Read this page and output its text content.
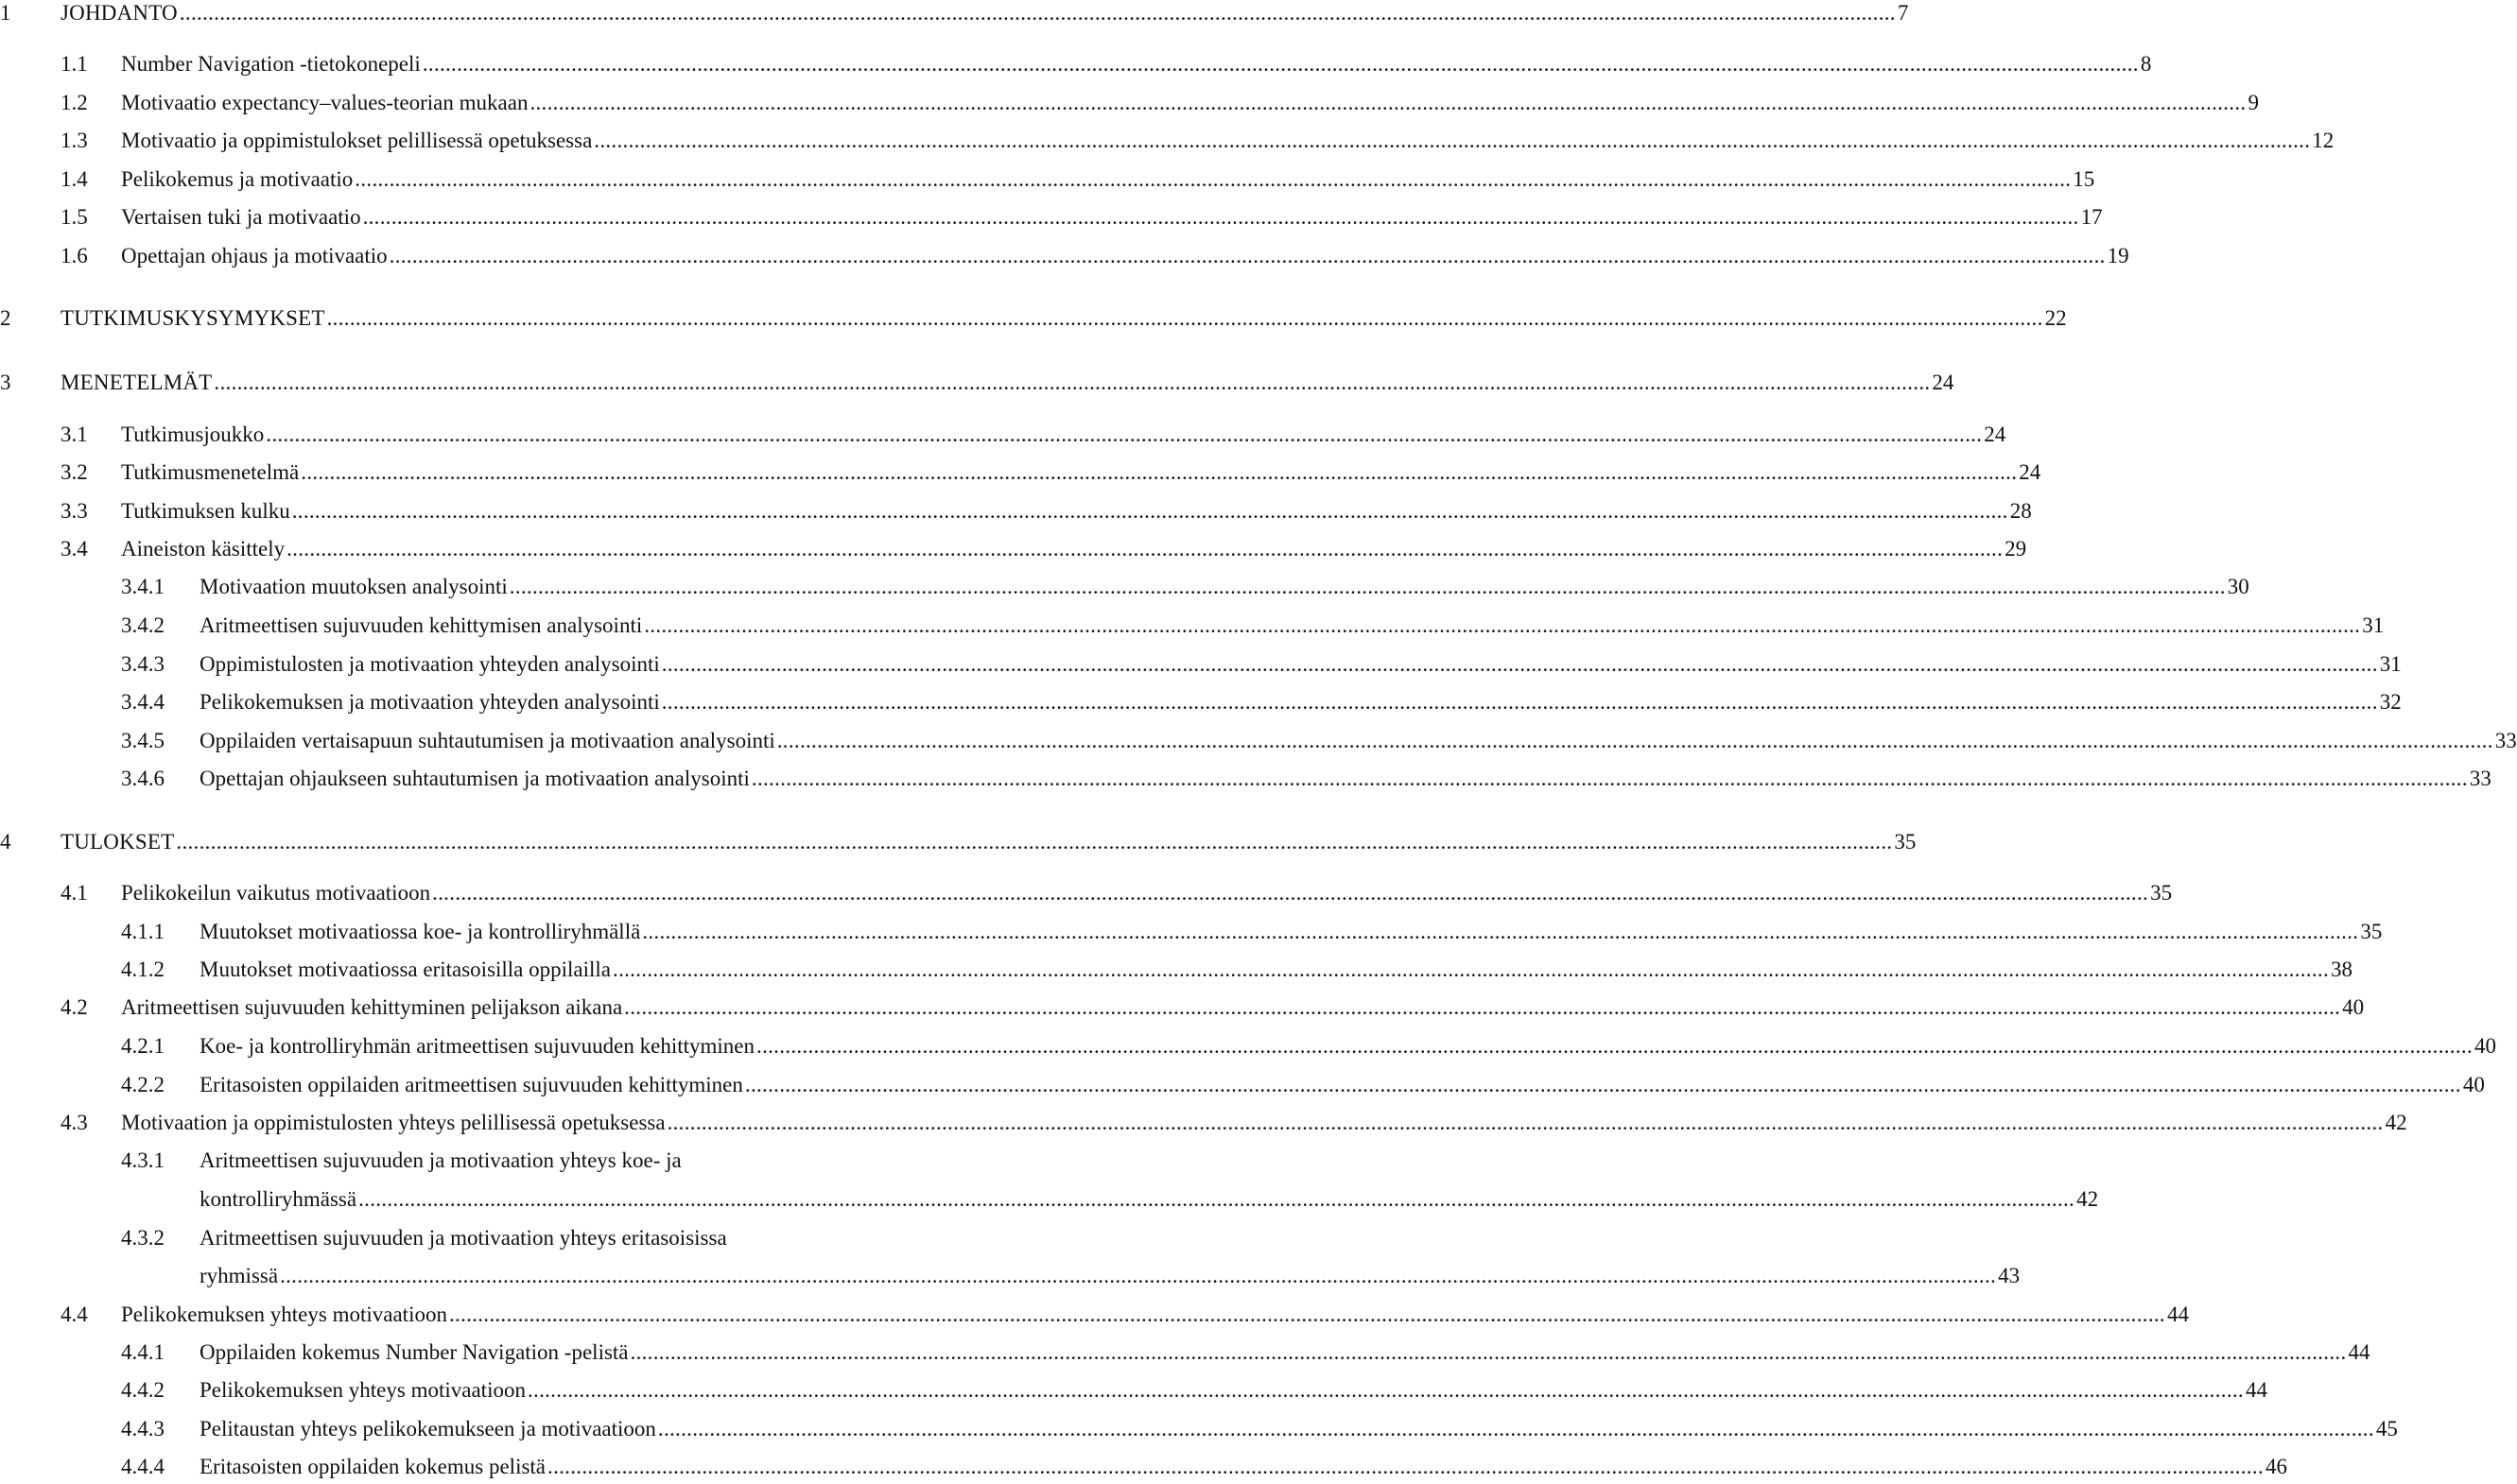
1 JOHDANTO ............................................................................................................................................................................................................................................................................................................ 7
1.1 Number Navigation -tietokonepeli ............................................................................................................................................................................................................................................................................................................ 8
1.2 Motivaatio expectancy–values-teorian mukaan ............................................................................................................................................................................................................................................................................................................ 9
1.3 Motivaatio ja oppimistulokset pelillisessä opetuksessa ............................................................................................................................................................................................................................................................................................................ 12
1.4 Pelikokemus ja motivaatio ............................................................................................................................................................................................................................................................................................................ 15
1.5 Vertaisen tuki ja motivaatio ............................................................................................................................................................................................................................................................................................................ 17
1.6 Opettajan ohjaus ja motivaatio ............................................................................................................................................................................................................................................................................................................ 19
2 TUTKIMUSKYSYMYKSET ............................................................................................................................................................................................................................................................................................................ 22
3 MENETELMÄT ............................................................................................................................................................................................................................................................................................................ 24
3.1 Tutkimusjoukko ............................................................................................................................................................................................................................................................................................................ 24
3.2 Tutkimusmenetelmä ............................................................................................................................................................................................................................................................................................................ 24
3.3 Tutkimuksen kulku ............................................................................................................................................................................................................................................................................................................ 28
3.4 Aineiston käsittely ............................................................................................................................................................................................................................................................................................................ 29
3.4.1 Motivaation muutoksen analysointi ............................................................................................................................................................................................................................................................................................................ 30
3.4.2 Aritmeettisen sujuvuuden kehittymisen analysointi ............................................................................................................................................................................................................................................................................................................ 31
3.4.3 Oppimistulosten ja motivaation yhteyden analysointi ............................................................................................................................................................................................................................................................................................................ 31
3.4.4 Pelikokemuksen ja motivaation yhteyden analysointi ............................................................................................................................................................................................................................................................................................................ 32
3.4.5 Oppilaiden vertaisapuun suhtautumisen ja motivaation analysointi ............................................................................................................................................................................................................................................................................................................ 33
3.4.6 Opettajan ohjaukseen suhtautumisen ja motivaation analysointi ............................................................................................................................................................................................................................................................................................................ 33
4 TULOKSET ............................................................................................................................................................................................................................................................................................................ 35
4.1 Pelikokeilun vaikutus motivaatioon ............................................................................................................................................................................................................................................................................................................ 35
4.1.1 Muutokset motivaatiossa koe- ja kontrolliryhmällä ............................................................................................................................................................................................................................................................................................................ 35
4.1.2 Muutokset motivaatiossa eritasoisilla oppilailla ............................................................................................................................................................................................................................................................................................................ 38
4.2 Aritmeettisen sujuvuuden kehittyminen pelijakson aikana ............................................................................................................................................................................................................................................................................................................ 40
4.2.1 Koe- ja kontrolliryhmän aritmeettisen sujuvuuden kehittyminen ............................................................................................................................................................................................................................................................................................................ 40
4.2.2 Eritasoisten oppilaiden aritmeettisen sujuvuuden kehittyminen ............................................................................................................................................................................................................................................................................................................ 40
4.3 Motivaation ja oppimistulosten yhteys pelillisessä opetuksessa ............................................................................................................................................................................................................................................................................................................ 42
4.3.1 Aritmeettisen sujuvuuden ja motivaation yhteys koe- ja
kontrolliryhmässä ............................................................................................................................................................................................................................................................................................................ 42
4.3.2 Aritmeettisen sujuvuuden ja motivaation yhteys eritasoisissa
ryhmissä ............................................................................................................................................................................................................................................................................................................ 43
4.4 Pelikokemuksen yhteys motivaatioon ............................................................................................................................................................................................................................................................................................................ 44
4.4.1 Oppilaiden kokemus Number Navigation -pelistä ............................................................................................................................................................................................................................................................................................................ 44
4.4.2 Pelikokemuksen yhteys motivaatioon ............................................................................................................................................................................................................................................................................................................ 44
4.4.3 Pelitaustan yhteys pelikokemukseen ja motivaatioon ............................................................................................................................................................................................................................................................................................................ 45
4.4.4 Eritasoisten oppilaiden kokemus pelistä ............................................................................................................................................................................................................................................................................................................ 46
